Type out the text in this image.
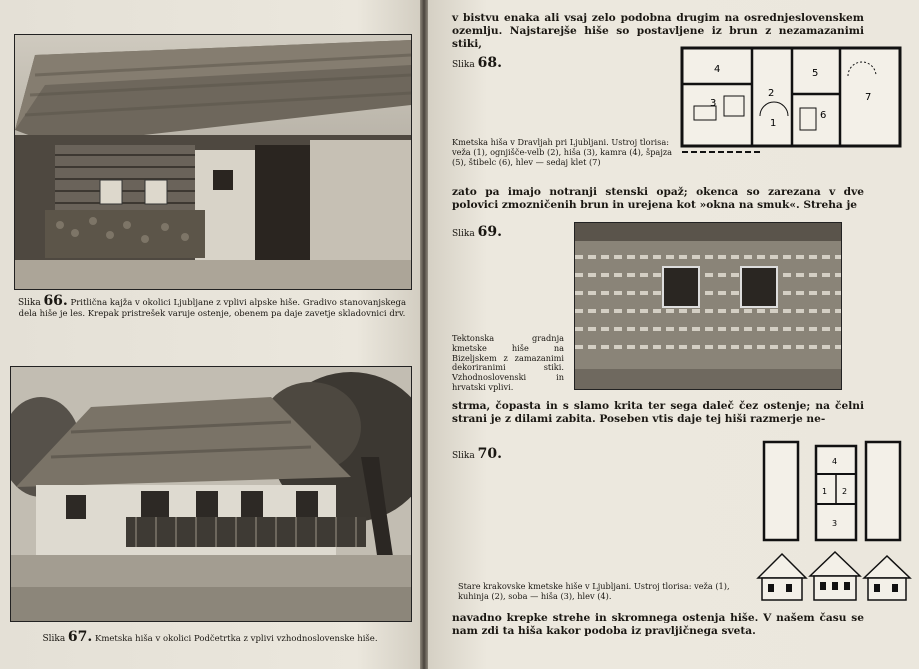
Slika 66. Pritlična kajža v okolici Ljubljane z vplivi alpske hiše. Gradivo stanovanjskega dela hiše je les. Krepak pristrešek varuje ostenje, obenem pa daje zavetje skladovnici drv.
Slika 67. Kmetska hiša v okolici Podčetrtka z vplivi vzhodnoslovenske hiše.
v bistvu enaka ali vsaj zelo podobna drugim na osrednjeslovenskem ozemlju. Najstarejše hiše so postavljene iz brun z nezamazanimi stiki,
Slika 68.	4	5
3
2
1
6
7
Kmetska hiša v Dravljah pri Ljubljani. Ustroj tlorisa: veža (1), ognjišče-velb (2), hiša (3), kamra (4), špajza (5), štibelc (6), hlev — sedaj klet (7)
zato pa imajo notranji stenski opaž; okenca so zarezana v dve polovici zmozničenih brun in urejena kot »okna na smuk«. Streha je
Slika 69.
Tektonska gradnja kmetske hiše na Bizeljskem z zamazanimi dekoriranimi stiki. Vzhodnoslovenski in hrvatski vplivi.
strma, čopasta in s slamo krita ter sega daleč čez ostenje; na čelni strani je z dilami zabita. Poseben vtis daje tej hiši razmerje ne-
Slika 70.	4
1 2
3
Stare krakovske kmetske hiše v Ljubljani. Ustroj tlorisa: veža (1), kuhinja (2), soba — hiša (3), hlev (4).
navadno krepke strehe in skromnega ostenja hiše. V našem času se nam zdi ta hiša kakor podoba iz pravljičnega sveta.
